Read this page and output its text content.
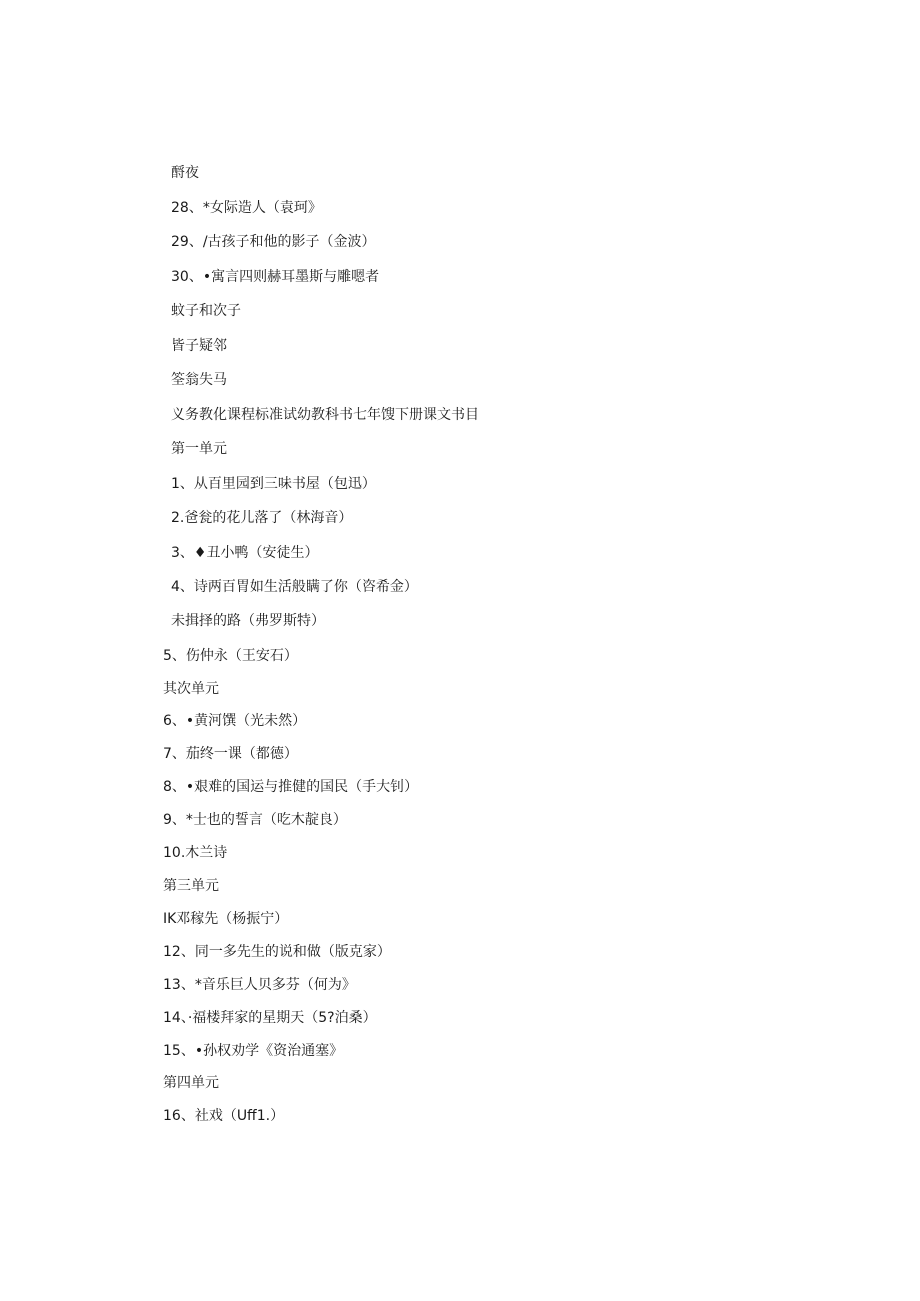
酹夜
28、*女际造人（袁珂》
29、/古孩子和他的影子（金波）
30、•寓言四则赫耳墨斯与雕嗯者
蚊子和次子
皆子疑邻
筌翁失马
义务教化课程标准试幼教科书七年馊下册课文书目
第一单元
1、从百里园到三味书屋（包迅）
2.爸瓮的花儿落了（林海音）
3、♦丑小鸭（安徒生）
4、诗两百胃如生活般瞒了你（咨希金）
未揖择的路（弗罗斯特）
5、伤仲永（王安石）
其次单元
6、•黄河馔（光未然）
7、茄终一课（都德）
8、•艰难的国运与推健的国民（手大钊）
9、*士也的誓言（吃木靛良）
10.木兰诗
第三单元
IK邓稼先（杨振宁）
12、同一多先生的说和做（版克家）
13、*音乐巨人贝多芬（何为》
14、·福楼拜家的星期天（5?泊桑）
15、•孙权劝学《资治通塞》
第四单元
16、社戏（Uff1.）
